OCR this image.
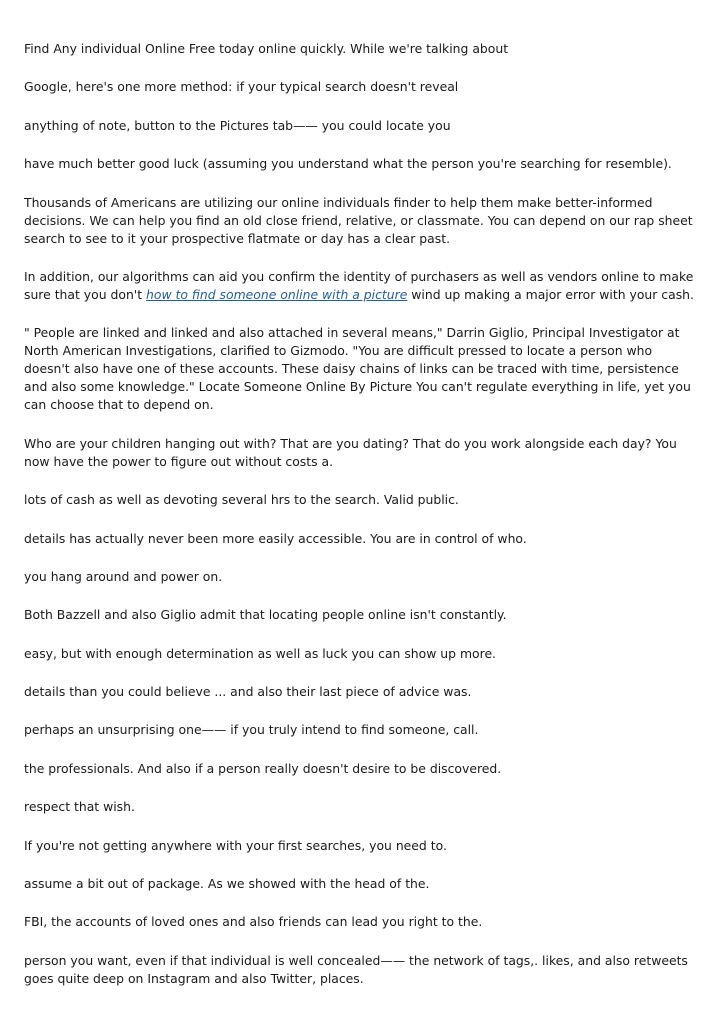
Find Any individual Online Free today online quickly. While we're talking about

Google, here's one more method: if your typical search doesn't reveal

anything of note, button to the Pictures tab—— you could locate you

have much better good luck (assuming you understand what the person you're searching for resemble).

Thousands of Americans are utilizing our online individuals finder to help them make better-informed decisions. We can help you find an old close friend, relative, or classmate. You can depend on our rap sheet search to see to it your prospective flatmate or day has a clear past.

In addition, our algorithms can aid you confirm the identity of purchasers as well as vendors online to make sure that you don't how to find someone online with a picture wind up making a major error with your cash.

" People are linked and linked and also attached in several means," Darrin Giglio, Principal Investigator at North American Investigations, clarified to Gizmodo. "You are difficult pressed to locate a person who doesn't also have one of these accounts. These daisy chains of links can be traced with time, persistence and also some knowledge." Locate Someone Online By Picture You can't regulate everything in life, yet you can choose that to depend on.

Who are your children hanging out with? That are you dating? That do you work alongside each day? You now have the power to figure out without costs a.

lots of cash as well as devoting several hrs to the search. Valid public.

details has actually never been more easily accessible. You are in control of who.

you hang around and power on.

Both Bazzell and also Giglio admit that locating people online isn't constantly.

easy, but with enough determination as well as luck you can show up more.

details than you could believe ... and also their last piece of advice was.

perhaps an unsurprising one—— if you truly intend to find someone, call.

the professionals. And also if a person really doesn't desire to be discovered.

respect that wish.

If you're not getting anywhere with your first searches, you need to.

assume a bit out of package. As we showed with the head of the.

FBI, the accounts of loved ones and also friends can lead you right to the.

person you want, even if that individual is well concealed—— the network of tags,. likes, and also retweets goes quite deep on Instagram and also Twitter, places.
